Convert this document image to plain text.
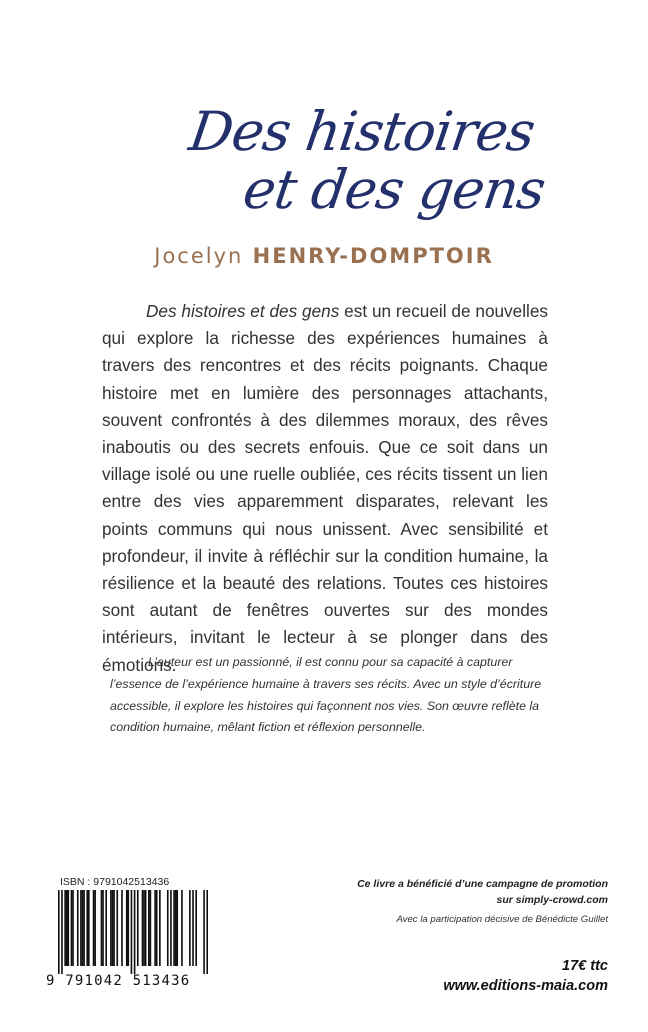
Des histoires
et des gens
Jocelyn HENRY-DOMPTOIR

Des histoires et des gens est un recueil de nouvelles qui explore la richesse des expériences humaines à travers des rencontres et des récits poignants. Chaque histoire met en lumière des personnages attachants, souvent confrontés à des dilemmes moraux, des rêves inaboutis ou des secrets enfouis. Que ce soit dans un village isolé ou une ruelle oubliée, ces récits tissent un lien entre des vies apparemment disparates, relevant les points communs qui nous unissent. Avec sensibilité et profondeur, il invite à réfléchir sur la condition humaine, la résilience et la beauté des relations. Toutes ces histoires sont autant de fenêtres ouvertes sur des mondes intérieurs, invitant le lecteur à se plonger dans des émotions.

L’auteur est un passionné, il est connu pour sa capacité à capturer l’essence de l’expérience humaine à travers ses récits. Avec un style d’écriture accessible, il explore les histoires qui façonnent nos vies. Son œuvre reflète la condition humaine, mêlant fiction et réflexion personnelle.

ISBN : 9791042513436
9 791042 513436
Ce livre a bénéficié d’une campagne de promotion
sur simply-crowd.com
Avec la participation décisive de Bénédicte Guillet
17€ ttc
www.editions-maia.com
